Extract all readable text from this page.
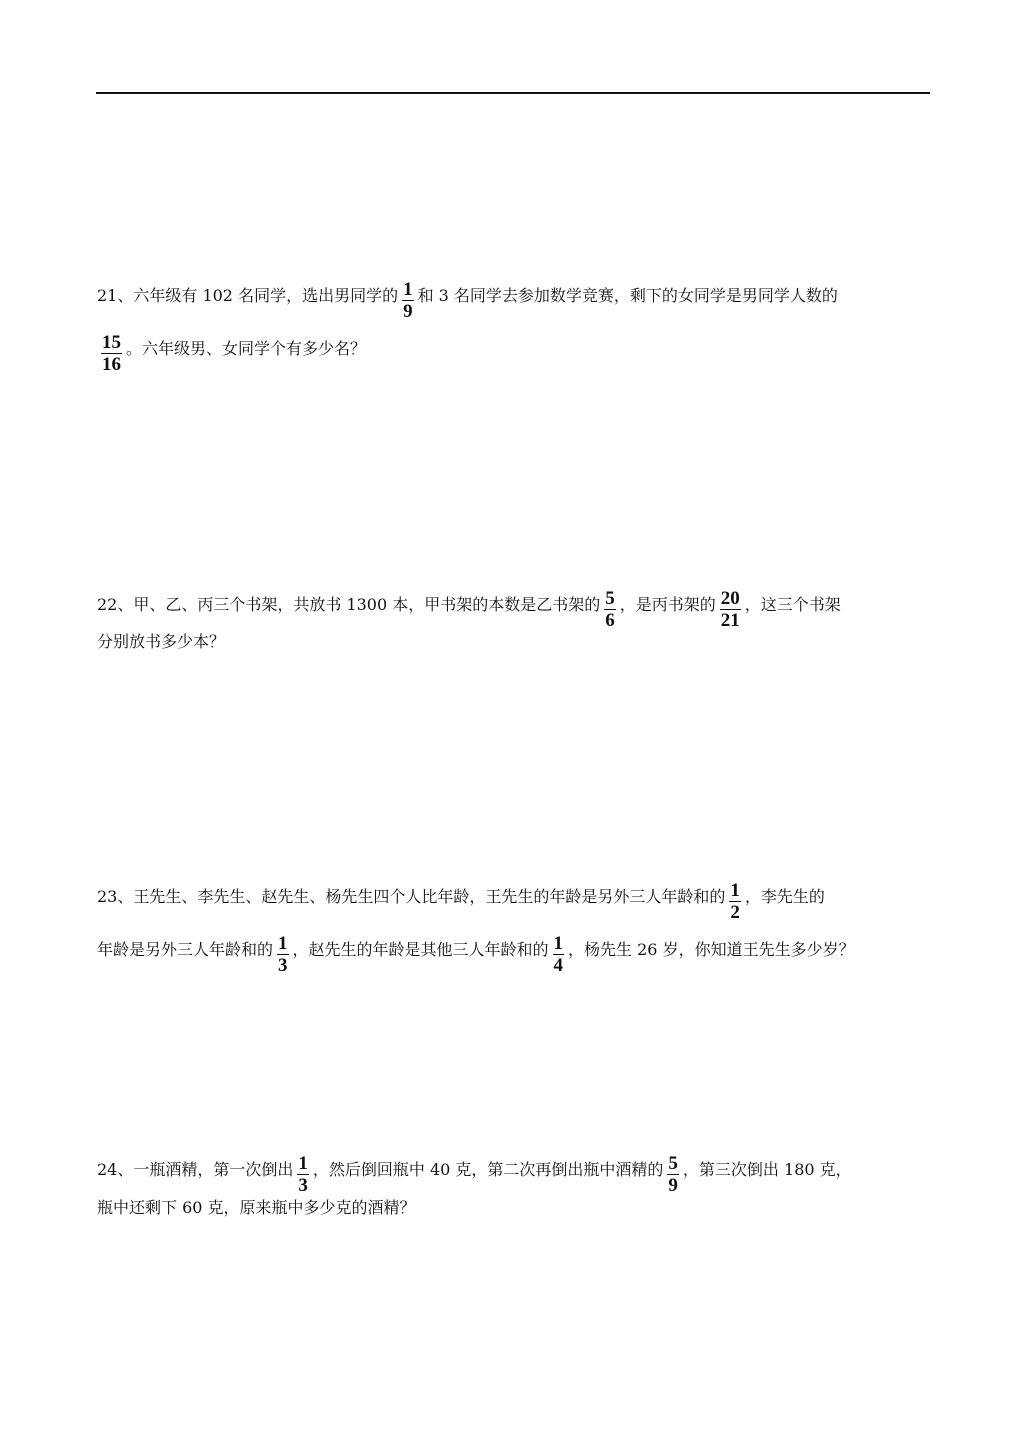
21、六年级有 102 名同学，选出男同学的 $\frac{1}{9}$ 和 3 名同学去参加数学竞赛，剩下的女同学是男同学人数的
$\frac{15}{16}$ 。六年级男、女同学个有多少名？
22、甲、乙、丙三个书架，共放书 1300 本，甲书架的本数是乙书架的 $\frac{5}{6}$ ，是丙书架的 $\frac{20}{21}$ ，这三个书架
分别放书多少本？
23、王先生、李先生、赵先生、杨先生四个人比年龄，王先生的年龄是另外三人年龄和的 $\frac{1}{2}$ ，李先生的
年龄是另外三人年龄和的 $\frac{1}{3}$ ，赵先生的年龄是其他三人年龄和的 $\frac{1}{4}$ ，杨先生 26 岁，你知道王先生多少岁？
24、一瓶酒精，第一次倒出 $\frac{1}{3}$ ，然后倒回瓶中 40 克，第二次再倒出瓶中酒精的 $\frac{5}{9}$ ，第三次倒出 180 克，
瓶中还剩下 60 克，原来瓶中多少克的酒精？
